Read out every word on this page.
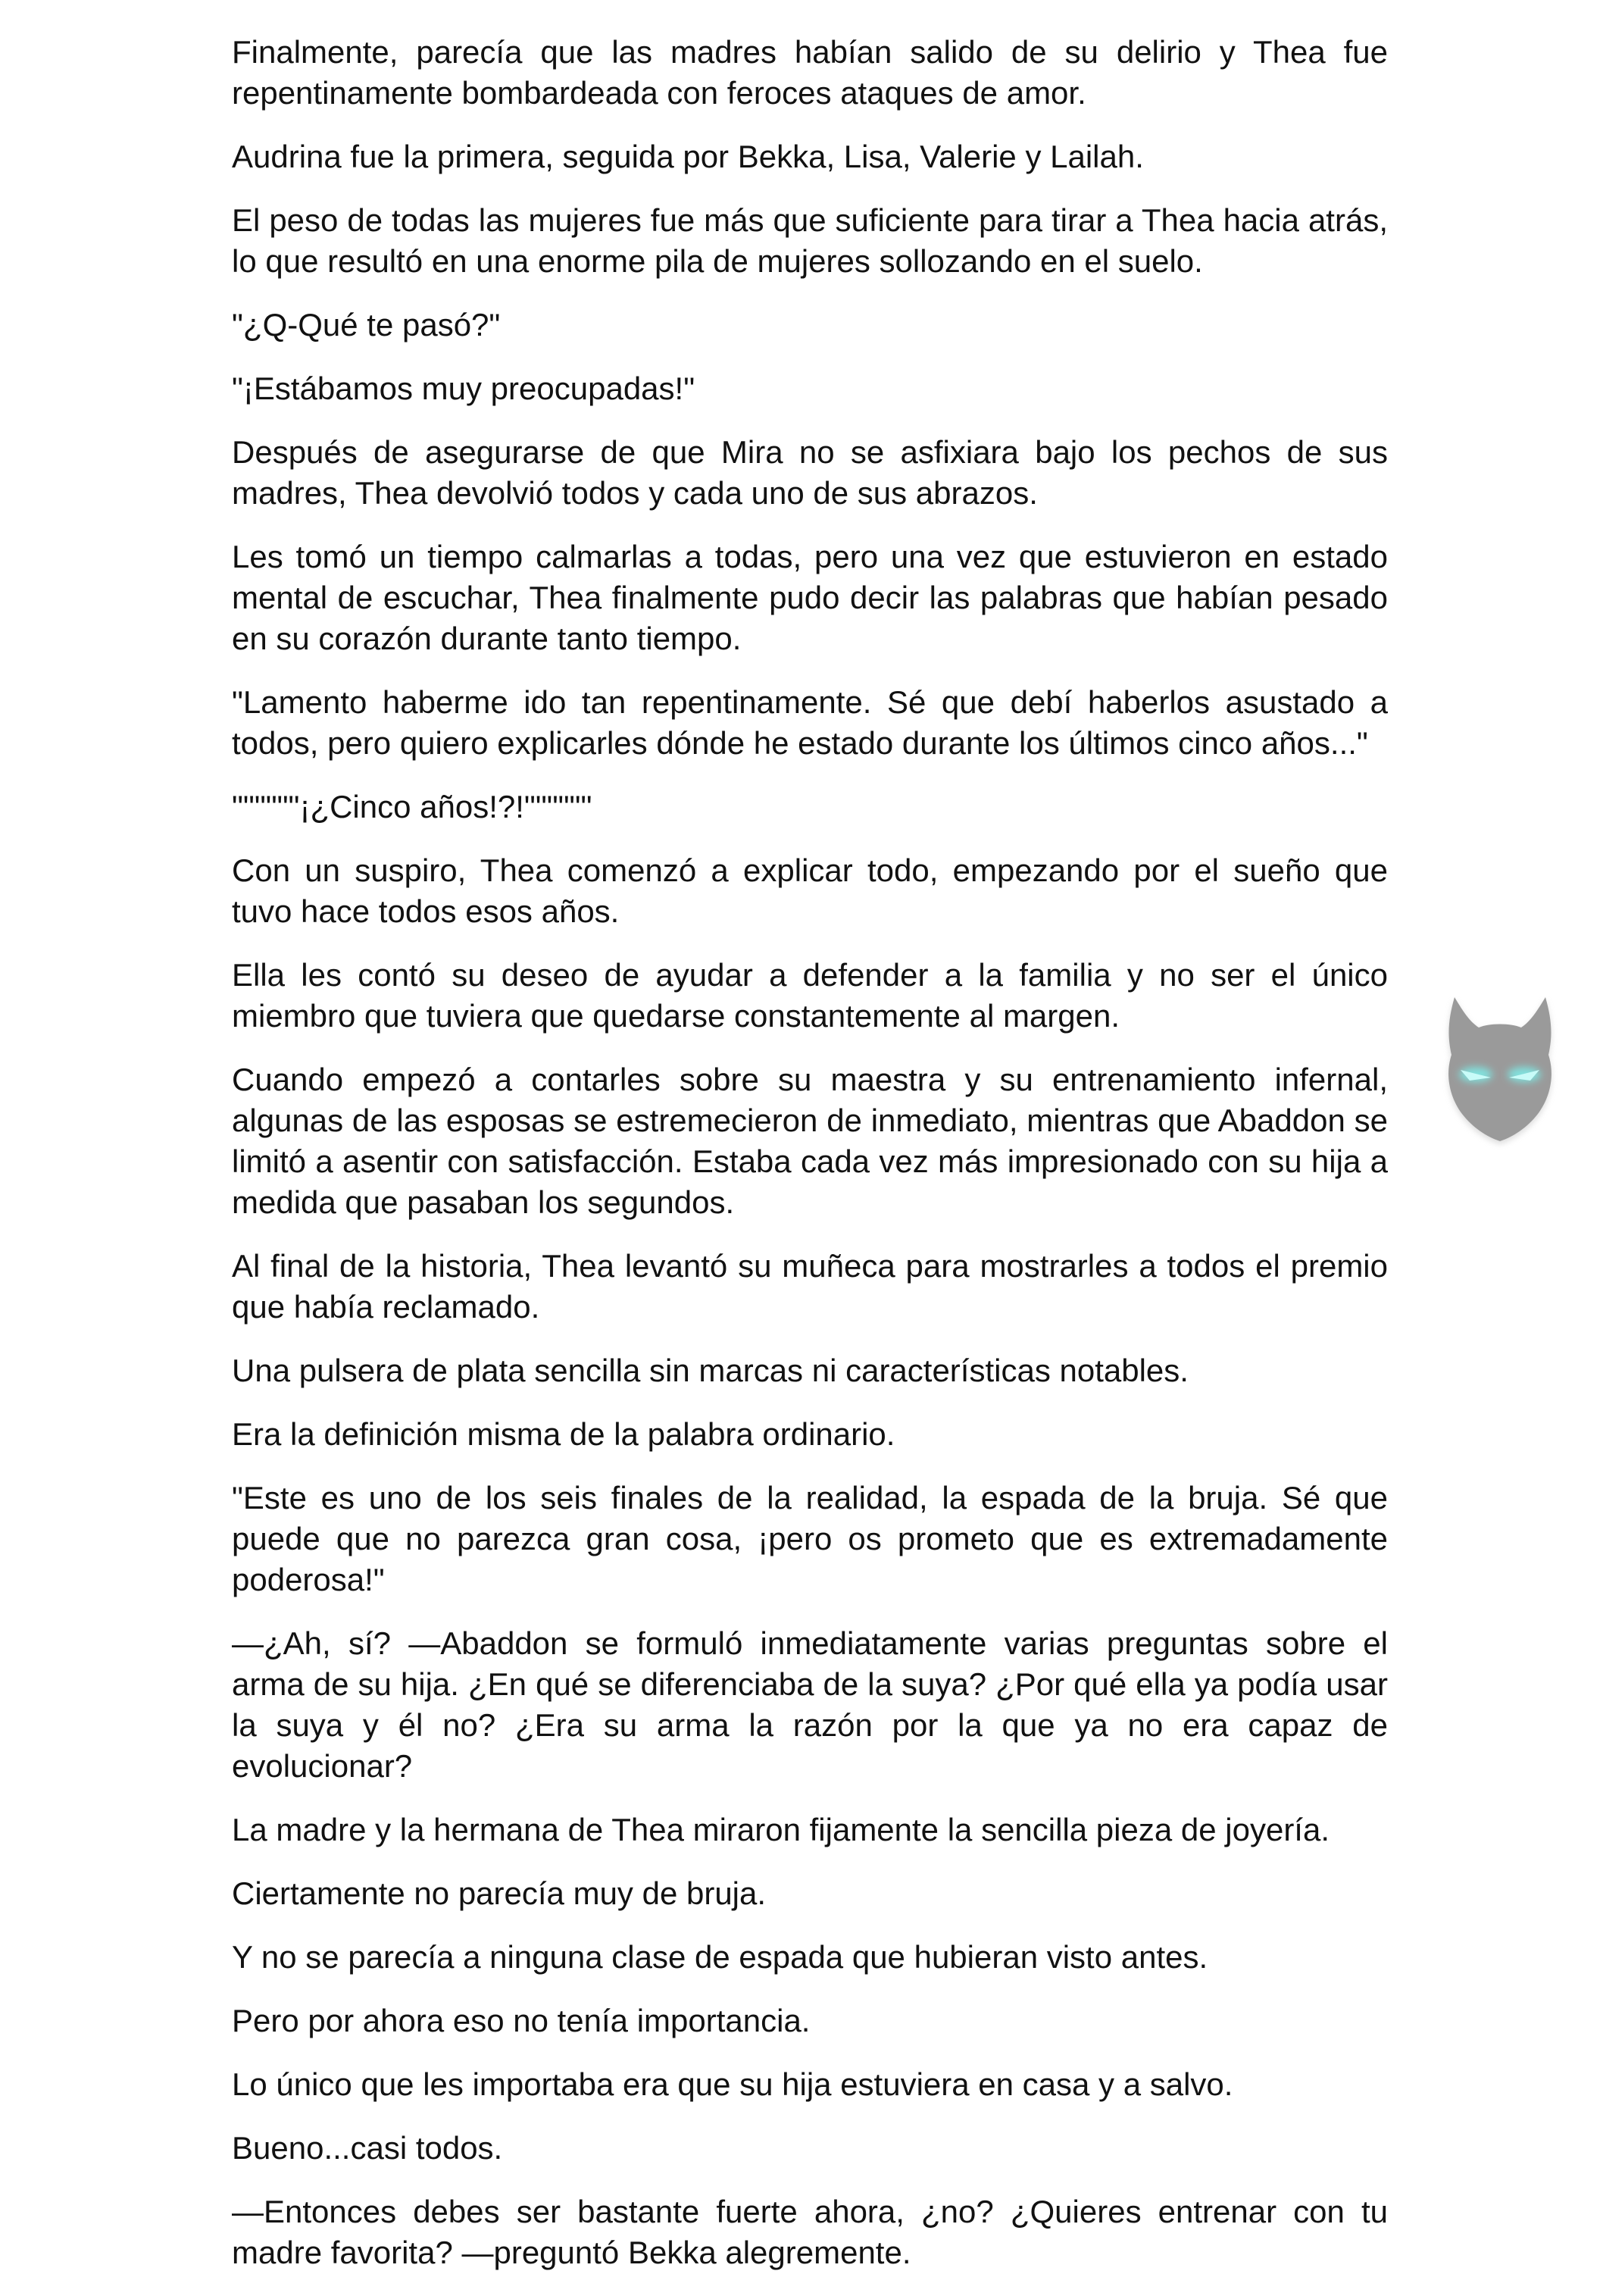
Finalmente, parecía que las madres habían salido de su delirio y Thea fue repentinamente bombardeada con feroces ataques de amor.

Audrina fue la primera, seguida por Bekka, Lisa, Valerie y Lailah.

El peso de todas las mujeres fue más que suficiente para tirar a Thea hacia atrás, lo que resultó en una enorme pila de mujeres sollozando en el suelo.

"¿Q-Qué te pasó?"

"¡Estábamos muy preocupadas!"

Después de asegurarse de que Mira no se asfixiara bajo los pechos de sus madres, Thea devolvió todos y cada uno de sus abrazos.

Les tomó un tiempo calmarlas a todas, pero una vez que estuvieron en estado mental de escuchar, Thea finalmente pudo decir las palabras que habían pesado en su corazón durante tanto tiempo.

"Lamento haberme ido tan repentinamente. Sé que debí haberlos asustado a todos, pero quiero explicarles dónde he estado durante los últimos cinco años..."

""""""¡¿Cinco años!?!""""""

Con un suspiro, Thea comenzó a explicar todo, empezando por el sueño que tuvo hace todos esos años.

Ella les contó su deseo de ayudar a defender a la familia y no ser el único miembro que tuviera que quedarse constantemente al margen.

Cuando empezó a contarles sobre su maestra y su entrenamiento infernal, algunas de las esposas se estremecieron de inmediato, mientras que Abaddon se limitó a asentir con satisfacción. Estaba cada vez más impresionado con su hija a medida que pasaban los segundos.

Al final de la historia, Thea levantó su muñeca para mostrarles a todos el premio que había reclamado.

Una pulsera de plata sencilla sin marcas ni características notables.

Era la definición misma de la palabra ordinario.

"Este es uno de los seis finales de la realidad, la espada de la bruja. Sé que puede que no parezca gran cosa, ¡pero os prometo que es extremadamente poderosa!"

—¿Ah, sí? —Abaddon se formuló inmediatamente varias preguntas sobre el arma de su hija. ¿En qué se diferenciaba de la suya? ¿Por qué ella ya podía usar la suya y él no? ¿Era su arma la razón por la que ya no era capaz de evolucionar?

La madre y la hermana de Thea miraron fijamente la sencilla pieza de joyería.

Ciertamente no parecía muy de bruja.

Y no se parecía a ninguna clase de espada que hubieran visto antes.

Pero por ahora eso no tenía importancia.

Lo único que les importaba era que su hija estuviera en casa y a salvo.

Bueno...casi todos.

—Entonces debes ser bastante fuerte ahora, ¿no? ¿Quieres entrenar con tu madre favorita? —preguntó Bekka alegremente.
